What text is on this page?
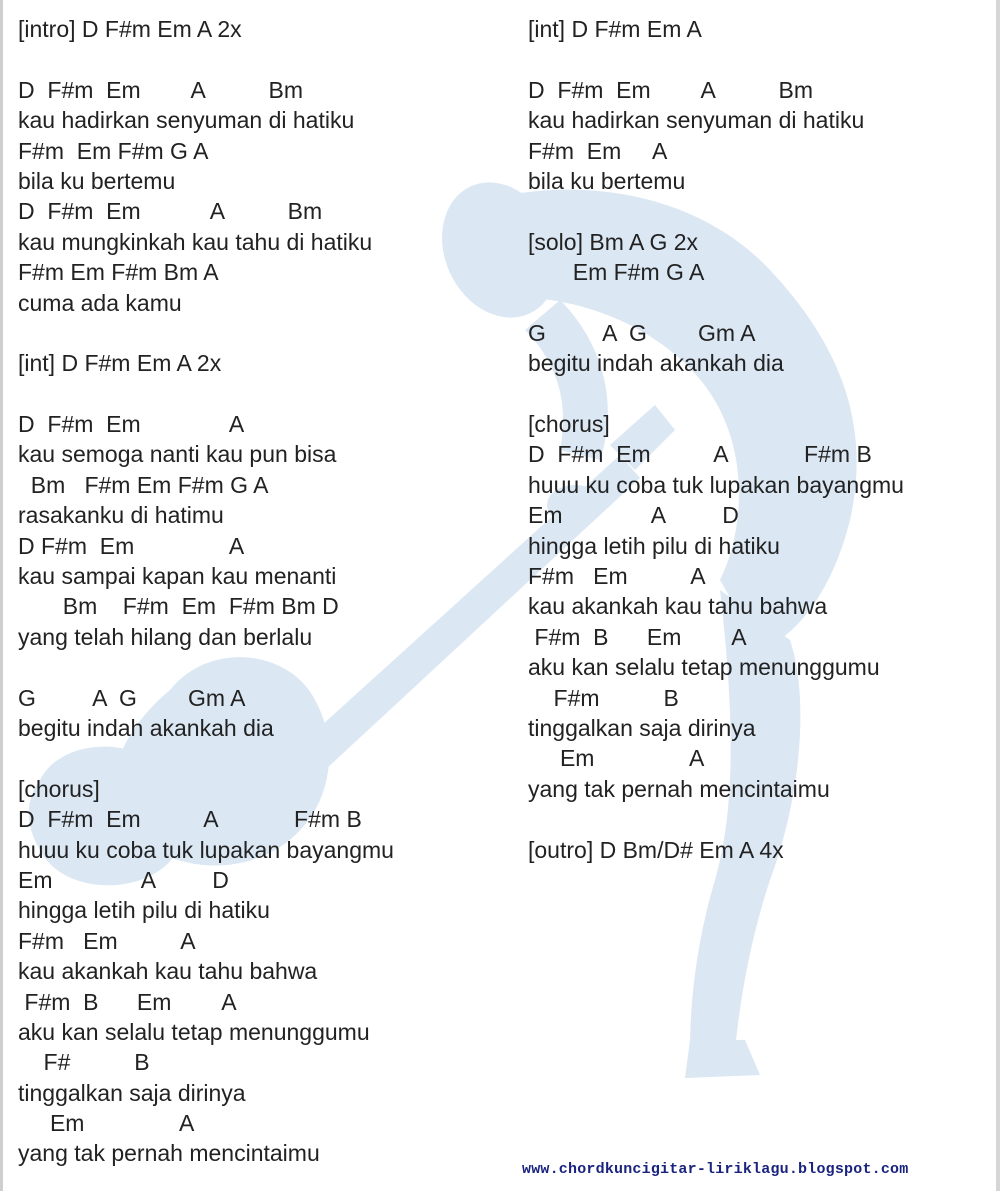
[intro] D F#m Em A 2x
D  F#m  Em        A          Bm
kau hadirkan senyuman di hatiku
F#m  Em F#m G A
bila ku bertemu
D  F#m  Em           A          Bm
kau mungkinkah kau tahu di hatiku
F#m Em F#m Bm A
cuma ada kamu
[int] D F#m Em A 2x
D  F#m  Em              A
kau semoga nanti kau pun bisa
Bm   F#m Em F#m G A
rasakanku di hatimu
D F#m  Em               A
kau sampai kapan kau menanti
Bm    F#m  Em  F#m Bm D
yang telah hilang dan berlalu
G         A  G        Gm A
begitu indah akankah dia
[chorus]
D  F#m  Em          A            F#m B
huuu ku coba tuk lupakan bayangmu
Em              A         D
hingga letih pilu di hatiku
F#m   Em          A
kau akankah kau tahu bahwa
F#m  B      Em        A
aku kan selalu tetap menunggumu
F#          B
tinggalkan saja dirinya
Em               A
yang tak pernah mencintaimu
[int] D F#m Em A
D  F#m  Em        A          Bm
kau hadirkan senyuman di hatiku
F#m  Em     A
bila ku bertemu
[solo] Bm A G 2x
Em F#m G A
G         A  G        Gm A
begitu indah akankah dia
[chorus]
D  F#m  Em          A            F#m B
huuu ku coba tuk lupakan bayangmu
Em              A         D
hingga letih pilu di hatiku
F#m   Em          A
kau akankah kau tahu bahwa
F#m  B      Em        A
aku kan selalu tetap menunggumu
F#m          B
tinggalkan saja dirinya
Em               A
yang tak pernah mencintaimu
[outro] D Bm/D# Em A 4x
www.chordkuncigitar-liriklagu.blogspot.com
